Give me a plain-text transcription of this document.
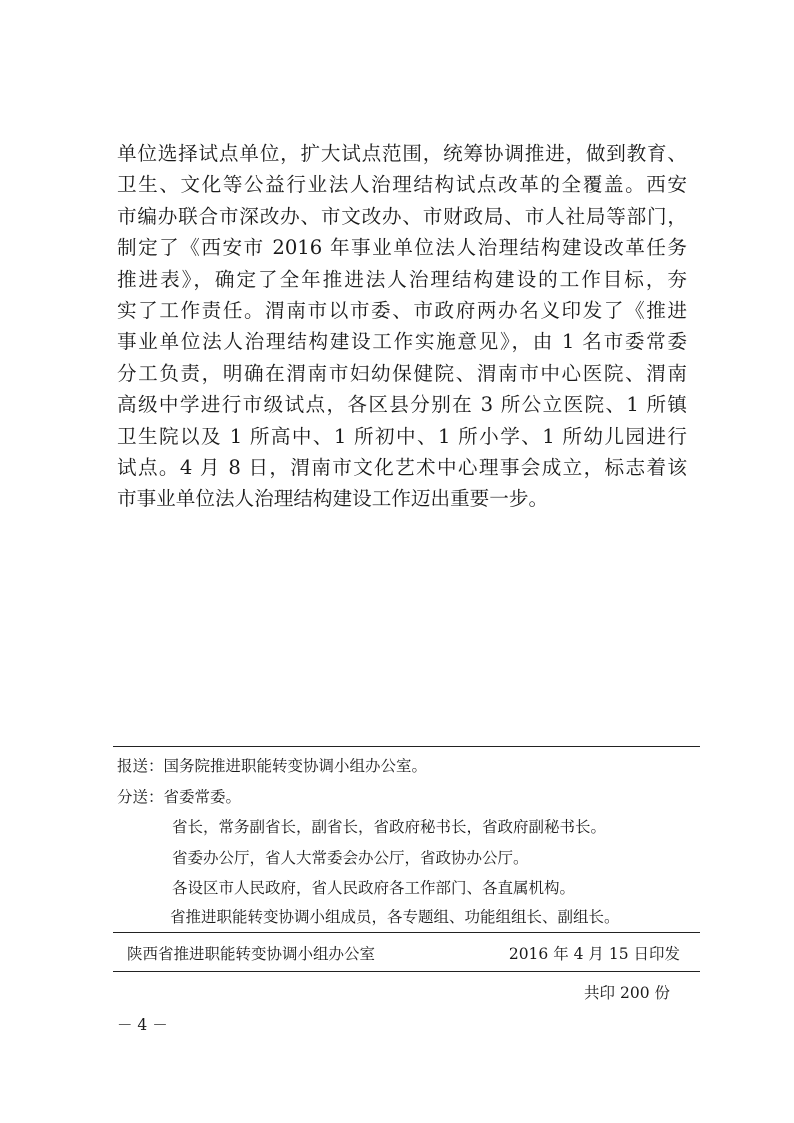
单位选择试点单位，扩大试点范围，统筹协调推进，做到教育、
卫生、文化等公益行业法人治理结构试点改革的全覆盖。西安
市编办联合市深改办、市文改办、市财政局、市人社局等部门，
制定了《西安市 2016 年事业单位法人治理结构建设改革任务
推进表》，确定了全年推进法人治理结构建设的工作目标，夯
实了工作责任。渭南市以市委、市政府两办名义印发了《推进
事业单位法人治理结构建设工作实施意见》，由 1 名市委常委
分工负责，明确在渭南市妇幼保健院、渭南市中心医院、渭南
高级中学进行市级试点，各区县分别在 3 所公立医院、1 所镇
卫生院以及 1 所高中、1 所初中、1 所小学、1 所幼儿园进行
试点。4 月 8 日，渭南市文化艺术中心理事会成立，标志着该
市事业单位法人治理结构建设工作迈出重要一步。
报送：国务院推进职能转变协调小组办公室。
分送：省委常委。
省长，常务副省长，副省长，省政府秘书长，省政府副秘书长。
省委办公厅，省人大常委会办公厅，省政协办公厅。
各设区市人民政府，省人民政府各工作部门、各直属机构。
省推进职能转变协调小组成员，各专题组、功能组组长、副组长。
陕西省推进职能转变协调小组办公室	2016 年 4 月 15 日印发
共印 200 份
－ 4 －
